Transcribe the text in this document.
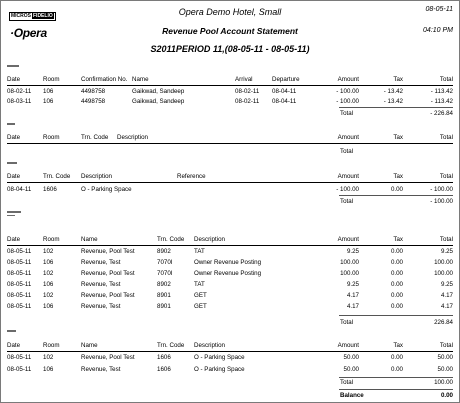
MICROS FIDELIO
·Opera
Opera Demo Hotel, Small	08-05-11
Revenue Pool Account Statement	04:10 PM
S2011PERIOD 11,(08-05-11 - 08-05-11)
Date	Room	Confirmation No. Name	Arrival	Departure	Amount	Tax	Total
08-02-11 106	4498758	Gaikwad, Sandeep	08-02-11 08-04-11	- 100.00	- 13.42	- 113.42
08-03-11 106	4498758	Gaikwad, Sandeep	08-02-11 08-04-11	- 100.00	- 13.42	- 113.42
Total	- 226.84
Date	Room	Trn. Code Description	Amount	Tax	Total
Total
Date	Trn. Code Description	Reference	Amount	Tax	Total
08-04-11 1606	O - Parking Space	- 100.00	0.00	- 100.00
Total	- 100.00
Date	Room	Name	Trn. Code Description	Amount	Tax	Total
08-05-11 102	Revenue, Pool Test	8902	TAT	9.25	0.00	9.25
08-05-11 106	Revenue, Test	7070I	Owner Revenue Posting	100.00	0.00	100.00
08-05-11 102	Revenue, Pool Test	7070I	Owner Revenue Posting	100.00	0.00	100.00
08-05-11 106	Revenue, Test	8902	TAT	9.25	0.00	9.25
08-05-11 102	Revenue, Pool Test	8901	GET	4.17	0.00	4.17
08-05-11 106	Revenue, Test	8901	GET	4.17	0.00	4.17
Total	226.84
Date	Room	Name	Trn. Code Description	Amount	Tax	Total
08-05-11 102	Revenue, Pool Test	1606	O - Parking Space	50.00	0.00	50.00
08-05-11 106	Revenue, Test	1606	O - Parking Space	50.00	0.00	50.00
Total	100.00
Balance	0.00
